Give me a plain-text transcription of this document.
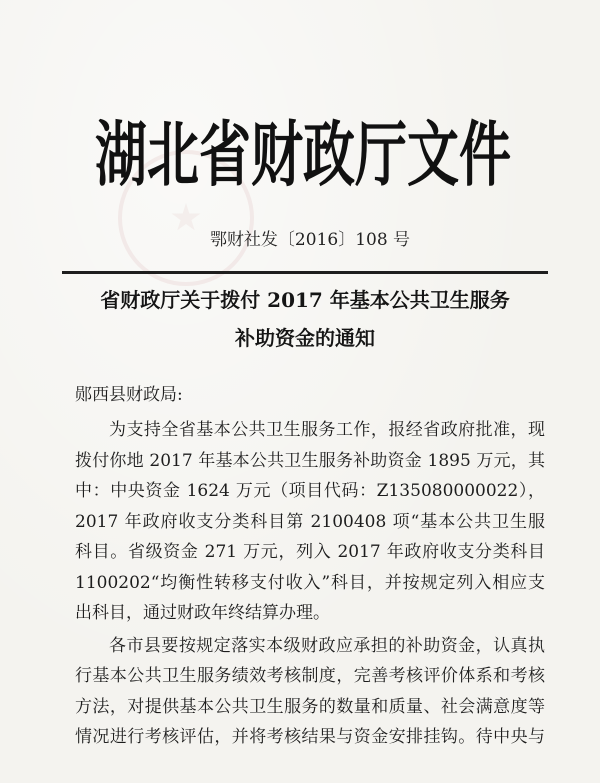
湖北省财政厅文件
鄂财社发〔2016〕108 号
省财政厅关于拨付 2017 年基本公共卫生服务
补助资金的通知
郧西县财政局:
为支持全省基本公共卫生服务工作，报经省政府批准，现
拨付你地 2017 年基本公共卫生服务补助资金 1895 万元，其
中：中央资金 1624 万元（项目代码：Z135080000022），
2017 年政府收支分类科目第 2100408 项“基本公共卫生服
科目。省级资金 271 万元，列入 2017 年政府收支分类科目
1100202“均衡性转移支付收入”科目，并按规定列入相应支
出科目，通过财政年终结算办理。
各市县要按规定落实本级财政应承担的补助资金，认真执
行基本公共卫生服务绩效考核制度，完善考核评价体系和考核
方法，对提供基本公共卫生服务的数量和质量、社会满意度等
情况进行考核评估，并将考核结果与资金安排挂钩。待中央与
